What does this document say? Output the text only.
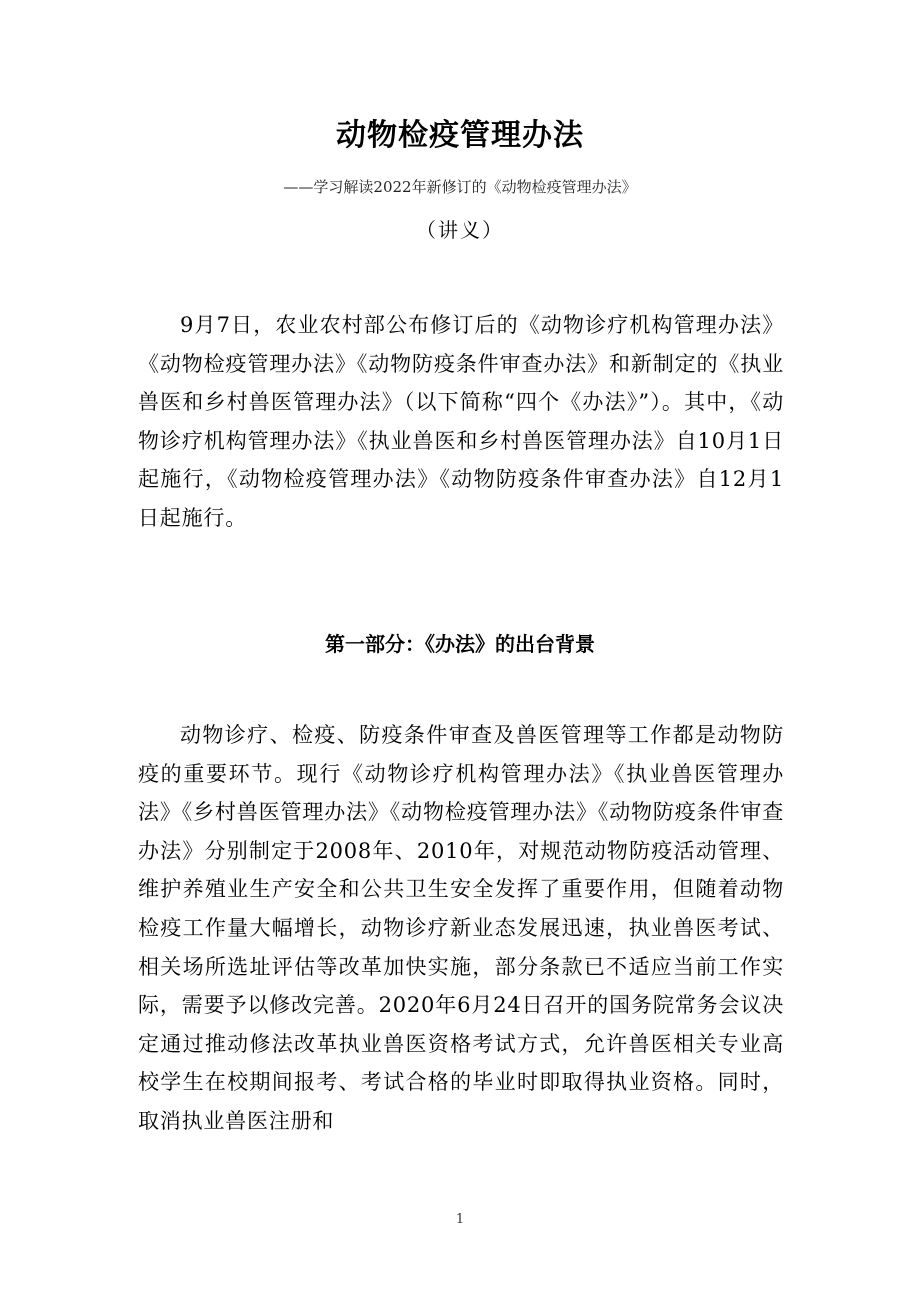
动物检疫管理办法
——学习解读2022年新修订的《动物检疫管理办法》
（讲义）

9月7日，农业农村部公布修订后的《动物诊疗机构管理办法》《动物检疫管理办法》《动物防疫条件审查办法》和新制定的《执业兽医和乡村兽医管理办法》（以下简称“四个《办法》”）。其中，《动物诊疗机构管理办法》《执业兽医和乡村兽医管理办法》自10月1日起施行，《动物检疫管理办法》《动物防疫条件审查办法》自12月1日起施行。

第一部分：《办法》的出台背景

动物诊疗、检疫、防疫条件审查及兽医管理等工作都是动物防疫的重要环节。现行《动物诊疗机构管理办法》《执业兽医管理办法》《乡村兽医管理办法》《动物检疫管理办法》《动物防疫条件审查办法》分别制定于2008年、2010年，对规范动物防疫活动管理、维护养殖业生产安全和公共卫生安全发挥了重要作用，但随着动物检疫工作量大幅增长，动物诊疗新业态发展迅速，执业兽医考试、相关场所选址评估等改革加快实施，部分条款已不适应当前工作实际，需要予以修改完善。2020年6月24日召开的国务院常务会议决定通过推动修法改革执业兽医资格考试方式，允许兽医相关专业高校学生在校期间报考、考试合格的毕业时即取得执业资格。同时，取消执业兽医注册和

1
